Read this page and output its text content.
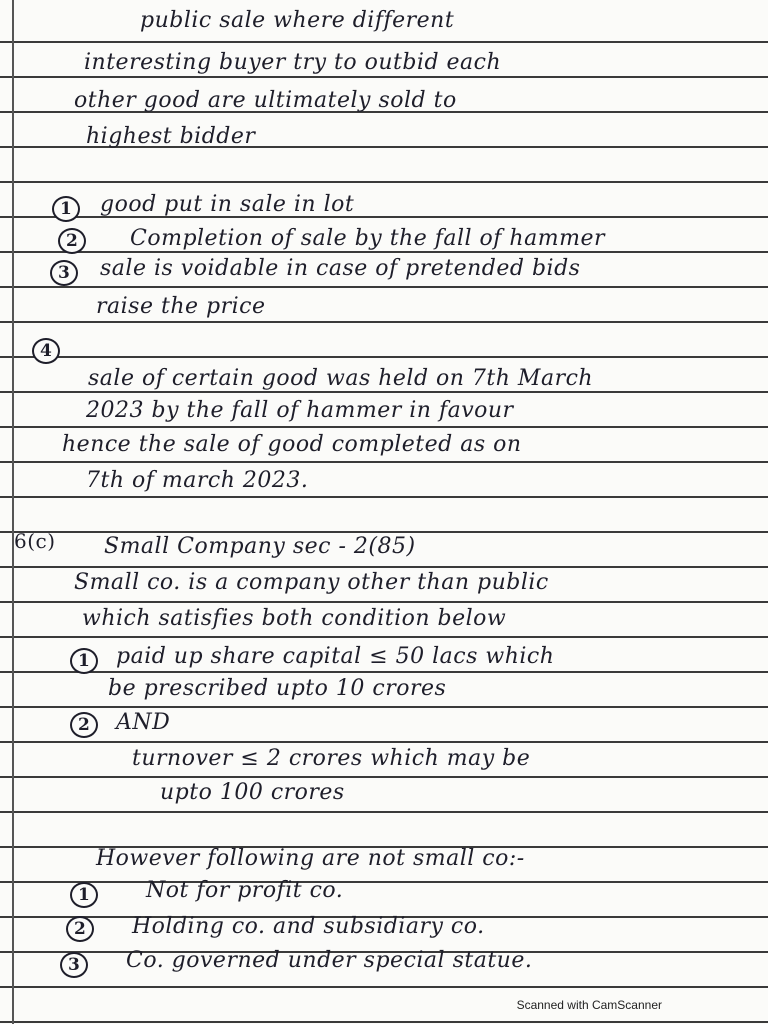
public sale where different
interesting buyer try to outbid each
other good are ultimately sold to
highest bidder
1	good put in sale in lot
2	Completion of sale by the fall of hammer
3	sale is voidable in case of pretended bids
raise the price
4
sale of certain good was held on 7th March
2023 by the fall of hammer in favour
hence the sale of good completed as on
7th of march 2023.
6(c) Small Company sec - 2(85)
Small co. is a company other than public
which satisfies both condition below
1	paid up share capital ≤ 50 lacs which
be prescribed upto 10 crores
2	AND
turnover ≤ 2 crores which may be
upto 100 crores
However following are not small co:-
1	Not for profit co.
2	Holding co. and subsidiary co.
3	Co. governed under special statue.
Scanned with CamScanner
